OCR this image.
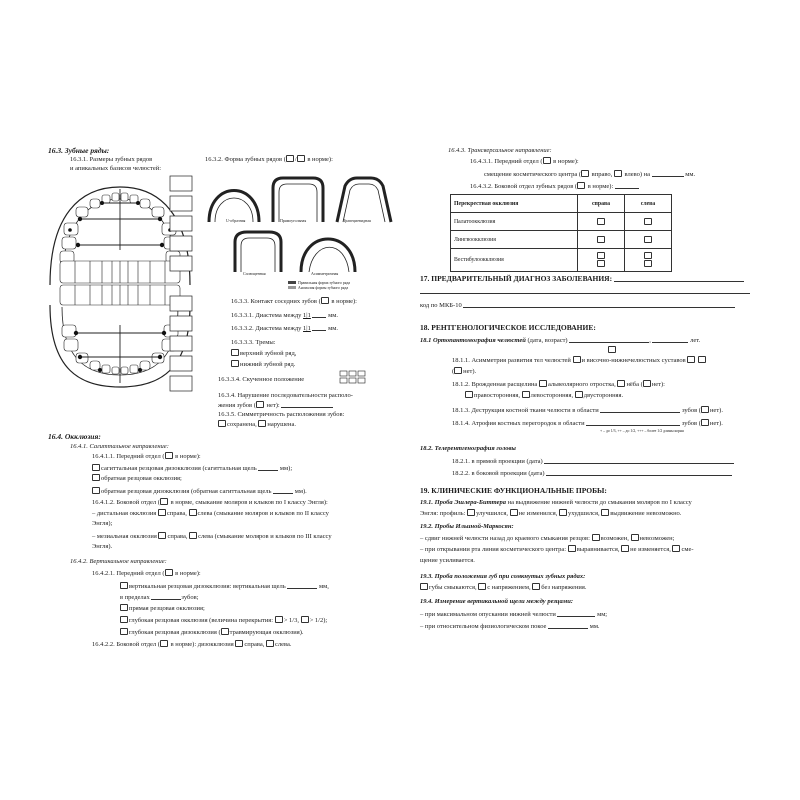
16.3. Зубные ряды:
16.3.1. Размеры зубных рядов
и апикальных базисов челюстей:
16.3.2. Форма зубных рядов ( / в норме):
U-образная	Прямоугольная	Трапециевидная
Сплющенная	Асимметричная
Правильная форма зубного ряда
Аномалия формы зубного ряда
16.3.3. Контакт соседних зубов ( в норме):
16.3.3.1. Диастема между 1|1	мм.
16.3.3.2. Диастема между 1|1	мм.
16.3.3.3. Тремы:
верхний зубной ряд,
нижний зубной ряд.
16.3.3.4. Скученное положение
16.3.4. Нарушение последовательности располо-
жения зубов ( нет):
16.3.5. Симметричность расположения зубов:
сохранена, нарушена.
16.4. Окклюзия:
16.4.1. Сагиттальное направление:
16.4.1.1. Передний отдел ( в норме):
сагиттальная резцовая дизокклюзия (сагиттальная щель	мм);
обратная резцовая окклюзия;
обратная резцовая дизокклюзия (обратная сагиттальная щель	мм).
16.4.1.2. Боковой отдел ( в норме, смыкание моляров и клыков по I классу Энгля):
– дистальная окклюзия справа, слева (смыкание моляров и клыков по II классу
Энгля);
– мезиальная окклюзия справа, слева (смыкание моляров и клыков по III классу
Энгля).
16.4.2. Вертикальное направление:
16.4.2.1. Передний отдел ( в норме):
вертикальная резцовая дизокклюзия: вертикальная щель	мм,
в пределах	зубов;
прямая резцовая окклюзия;
глубокая резцовая окклюзия (величина перекрытия: > 1/3, > 1/2);
глубокая резцовая дизокклюзия ( травмирующая окклюзия).
16.4.2.2. Боковой отдел ( в норме): дизокклюзия справа, слева.
16.4.3. Трансверсальное направление:
16.4.3.1. Передний отдел ( в норме):
смещение косметического центра ( вправо,  влево) на	мм.
16.4.3.2. Боковой отдел зубных рядов ( в норме):
Перекрестная окклюзия	справа	слева
Палатоокклюзия		
Лингвоокклюзия		
Вестибулоокклюзия	

17. ПРЕДВАРИТЕЛЬНЫЙ ДИАГНОЗ ЗАБОЛЕВАНИЯ:
код по МКБ-10
18. РЕНТГЕНОЛОГИЧЕСКОЕ ИССЛЕДОВАНИЕ:
18.1 Ортопантомография челюстей (дата, возраст)	,	лет.
18.1.1. Асимметрия развития тел челюстей и височно-нижнечелюстных суставов
( нет).
18.1.2. Врожденная расщелина альвеолярного отростка, нёба ( нет):
правосторонняя, левосторонняя, двусторонняя.
18.1.3. Деструкция костной ткани челюсти в области	зубов ( нет).
18.1.4. Атрофия костных перегородок в области	зубов ( нет).
+ – до 1/3, ++ – до 1/2, +++ – более 1/2 длины корня
18.2. Телерентгенография головы
18.2.1. в прямой проекции (дата)
18.2.2. в боковой проекции (дата)
19. КЛИНИЧЕСКИЕ ФУНКЦИОНАЛЬНЫЕ ПРОБЫ:
19.1. Проба Эшлера-Биттера на выдвижение нижней челюсти до смыкания моляров по I классу
Энгля: профиль: улучшился, не изменился, ухудшился, выдвижение невозможно.
19.2. Пробы Ильиной-Маркосян:
– сдвиг нижней челюсти назад до краевого смыкания резцов: возможен, невозможен;
– при открывании рта линия косметического центра: выравнивается, не изменяется, сме-
щение усиливается.
19.3. Проба положения губ при сомкнутых зубных рядах:
губы смыкаются, с напряжением, без напряжения.
19.4. Измерение вертикальной щели между резцами:
– при максимальном опускании нижней челюсти	мм;
– при относительном физиологическом покое	мм.
